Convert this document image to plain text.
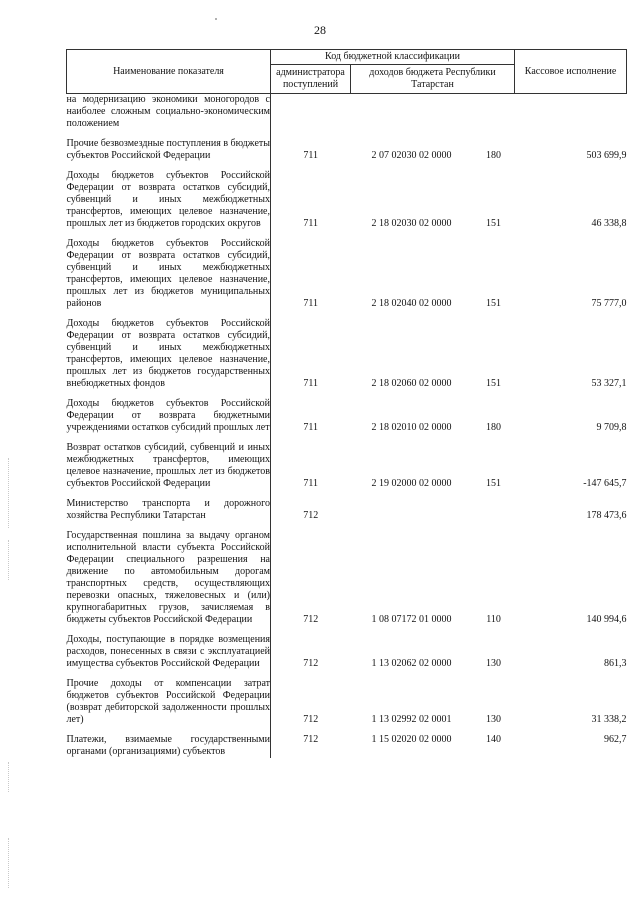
28
Наименование показателя	Код бюджетной классификации			Кассовое исполнение
	администратора поступлений	доходов бюджета Республики Татарстан		
на модернизацию экономики моногородов с наиболее сложным социально-экономическим положением				

Прочие безвозмездные поступления в бюджеты субъектов Российской Федерации	711	2 07 02030 02 0000	180	503 699,9

Доходы бюджетов субъектов Российской Федерации от возврата остатков субсидий, субвенций и иных межбюджетных трансфертов, имеющих целевое назначение, прошлых лет из бюджетов городских округов	711	2 18 02030 02 0000	151	46 338,8

Доходы бюджетов субъектов Российской Федерации от возврата остатков субсидий, субвенций и иных межбюджетных трансфертов, имеющих целевое назначение, прошлых лет из бюджетов муниципальных районов	711	2 18 02040 02 0000	151	75 777,0

Доходы бюджетов субъектов Российской Федерации от возврата остатков субсидий, субвенций и иных межбюджетных трансфертов, имеющих целевое назначение, прошлых лет из бюджетов государственных внебюджетных фондов	711	2 18 02060 02 0000	151	53 327,1

Доходы бюджетов субъектов Российской Федерации от возврата бюджетными учреждениями остатков субсидий прошлых лет	711	2 18 02010 02 0000	180	9 709,8

Возврат остатков субсидий, субвенций и иных межбюджетных трансфертов, имеющих целевое назначение, прошлых лет из бюджетов субъектов Российской Федерации	711	2 19 02000 02 0000	151	-147 645,7

Министерство транспорта и дорожного хозяйства Республики Татарстан	712			178 473,6

Государственная пошлина за выдачу органом исполнительной власти субъекта Российской Федерации специального разрешения на движение по автомобильным дорогам транспортных средств, осуществляющих перевозки опасных, тяжеловесных и (или) крупногабаритных грузов, зачисляемая в бюджеты субъектов Российской Федерации	712	1 08 07172 01 0000	110	140 994,6

Доходы, поступающие в порядке возмещения расходов, понесенных в связи с эксплуатацией имущества субъектов Российской Федерации	712	1 13 02062 02 0000	130	861,3

Прочие доходы от компенсации затрат бюджетов субъектов Российской Федерации (возврат дебиторской задолженности прошлых лет)	712	1 13 02992 02 0001	130	31 338,2

Платежи, взимаемые государственными органами (организациями) субъектов	712	1 15 02020 02 0000	140	962,7
